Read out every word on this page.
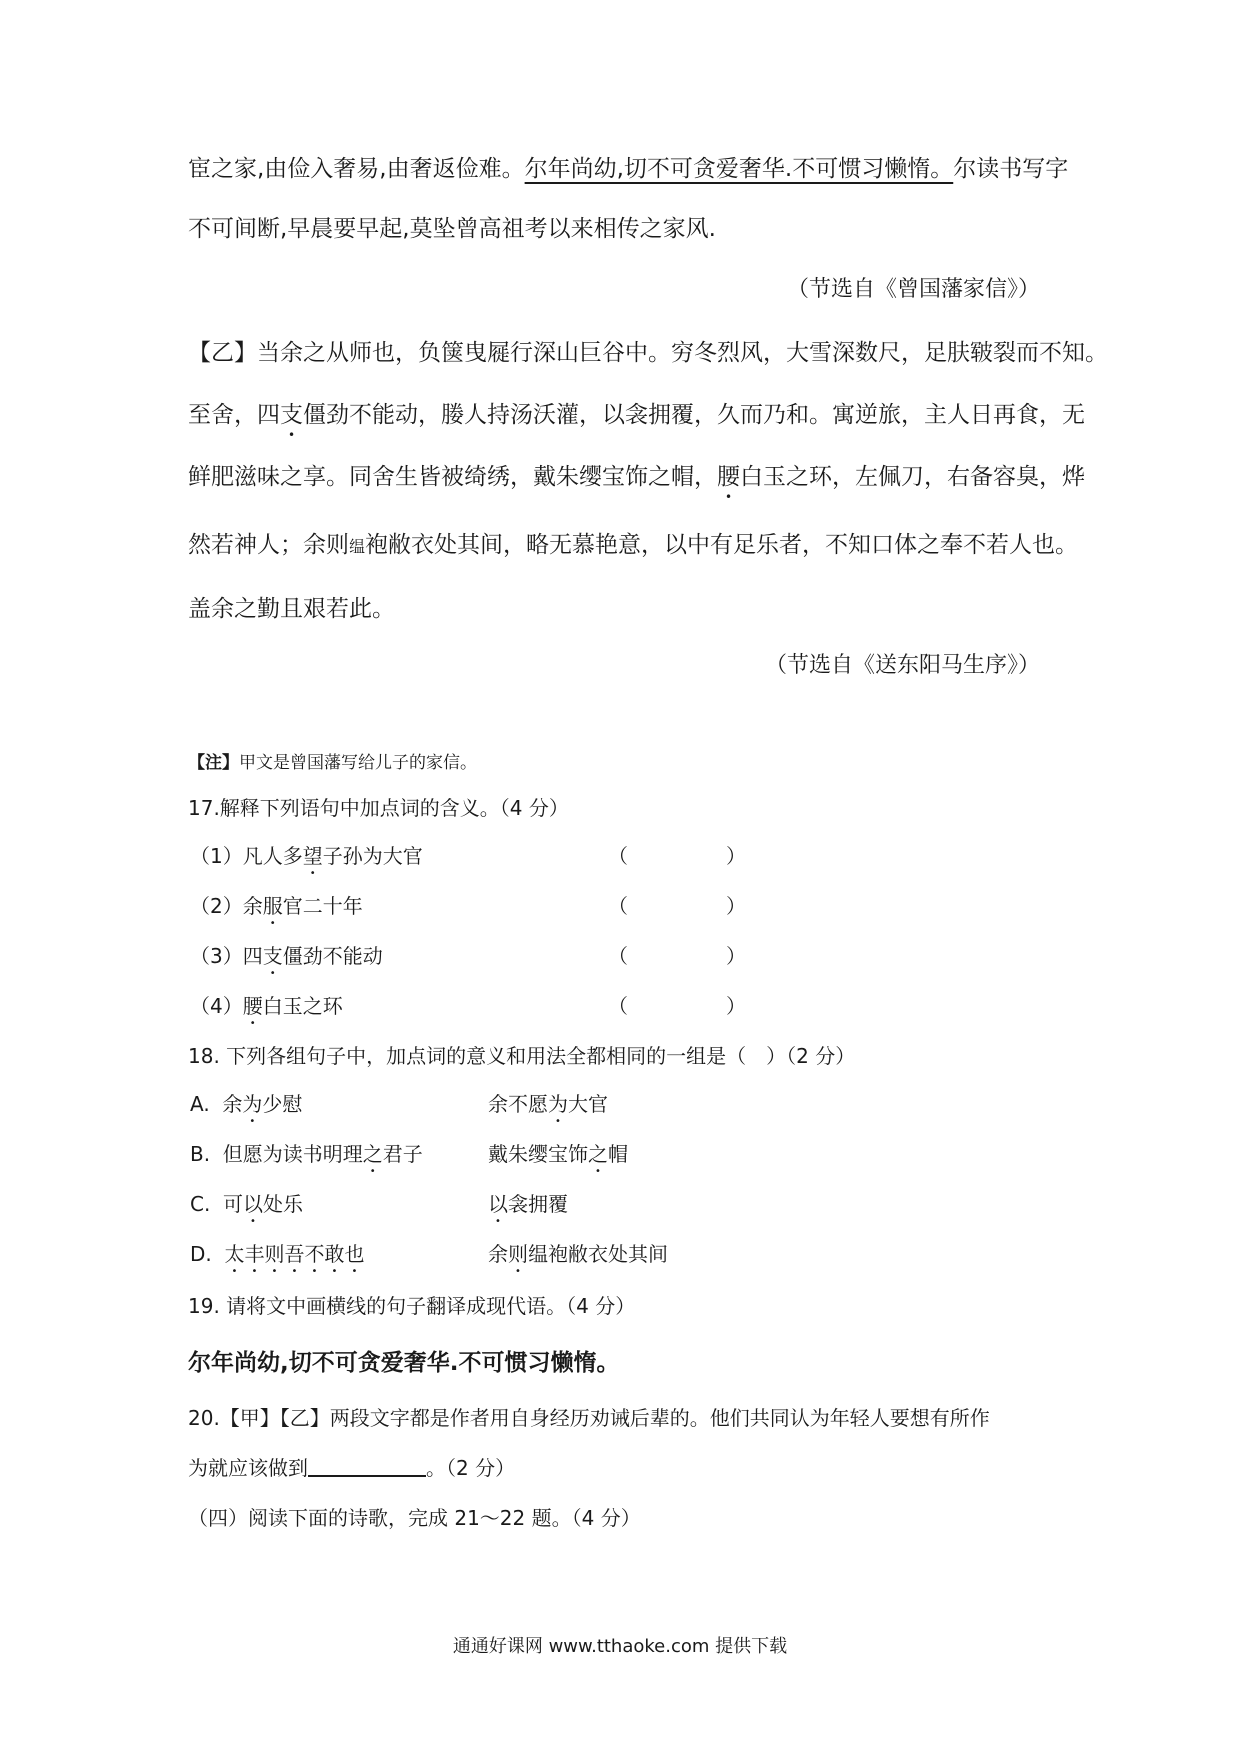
宦之家,由俭入奢易,由奢返俭难。尔年尚幼,切不可贪爱奢华.不可惯习懒惰。尔读书写字
不可间断,早晨要早起,莫坠曾高祖考以来相传之家风.
（节选自《曾国藩家信》）
【乙】当余之从师也，负箧曳屣行深山巨谷中。穷冬烈风，大雪深数尺，足肤皲裂而不知。
至舍，四支僵劲不能动，媵人持汤沃灌，以衾拥覆，久而乃和。寓逆旅，主人日再食，无
鲜肥滋味之享。同舍生皆被绮绣，戴朱缨宝饰之帽，腰白玉之环，左佩刀，右备容臭，烨
然若神人；余则缊袍敝衣处其间，略无慕艳意，以中有足乐者，不知口体之奉不若人也。
盖余之勤且艰若此。
（节选自《送东阳马生序》）
【注】甲文是曾国藩写给儿子的家信。
17.解释下列语句中加点词的含义。（4 分）
（1）凡人多望子孙为大官	（	）
（2）余服官二十年	（	）
（3）四支僵劲不能动	（	）
（4）腰白玉之环	（	）
18. 下列各组句子中，加点词的意义和用法全都相同的一组是（　）（2 分）
A. 余为少慰	余不愿为大官
B. 但愿为读书明理之君子	戴朱缨宝饰之帽
C. 可以处乐	以衾拥覆
D. 太丰则吾不敢也	余则缊袍敝衣处其间
19. 请将文中画横线的句子翻译成现代语。（4 分）
尔年尚幼,切不可贪爱奢华.不可惯习懒惰。
20.【甲】【乙】两段文字都是作者用自身经历劝诫后辈的。他们共同认为年轻人要想有所作
为就应该做到	。（2 分）
（四）阅读下面的诗歌，完成 21～22 题。（4 分）
通通好课网 www.tthaoke.com 提供下载
